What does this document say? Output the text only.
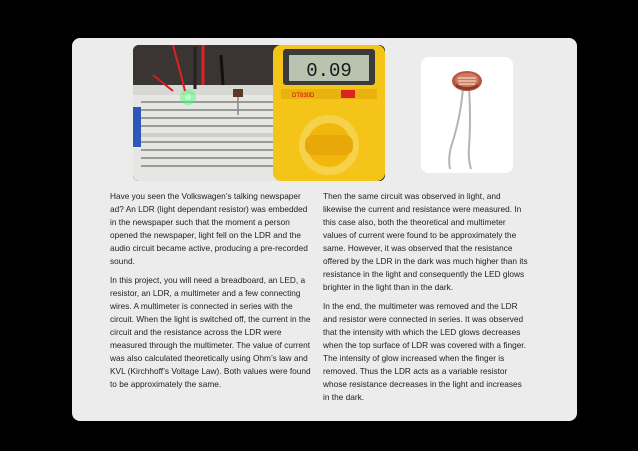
0.09
DT830D

Have you seen the Volkswagen’s talking newspaper ad? An LDR (light dependant resistor) was embedded in the newspaper such that the moment a person opened the newspaper, light fell on the LDR and the audio circuit became active, producing a pre-recorded sound.

In this project, you will need a breadboard, an LED, a resistor, an LDR, a multimeter and a few connecting wires. A multimeter is connected in series with the circuit. When the light is switched off, the current in the circuit and the resistance across the LDR were measured through the multimeter. The value of current was also calculated theoretically using Ohm’s law and KVL (Kirchhoff’s Voltage Law). Both values were found to be approximately the same.

Then the same circuit was observed in light, and likewise the current and resistance were measured. In this case also, both the theoretical and multimeter values of current were found to be approximately the same. However, it was observed that the resistance offered by the LDR in the dark was much higher than its resistance in the light and consequently the LED glows brighter in the light than in the dark.

In the end, the multimeter was removed and the LDR and resistor were connected in series. It was observed that the intensity with which the LED glows decreases when the top surface of LDR was covered with a finger. The intensity of glow increased when the finger is removed. Thus the LDR acts as a variable resistor whose resistance decreases in the light and increases in the dark.
